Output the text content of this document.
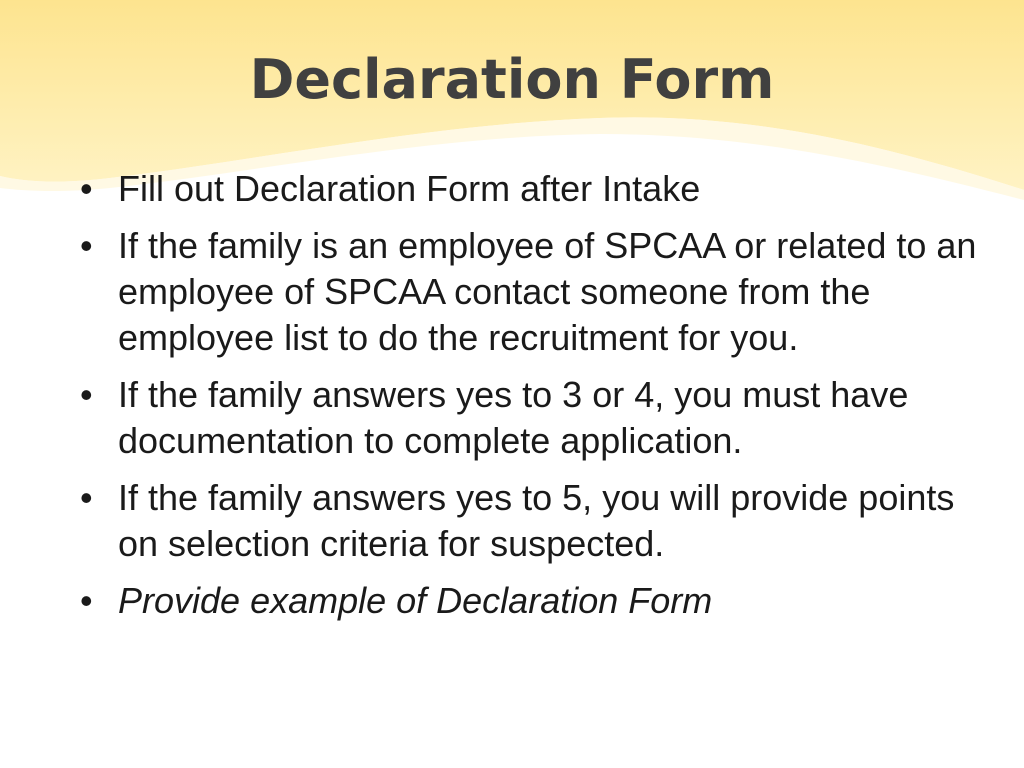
Declaration Form
• Fill out Declaration Form after Intake
• If the family is an employee of SPCAA or related to an employee of SPCAA contact someone from the employee list to do the recruitment for you.
• If the family answers yes to 3 or 4, you must have documentation to complete application.
• If the family answers yes to 5, you will provide points on selection criteria for suspected.
• Provide example of Declaration Form
